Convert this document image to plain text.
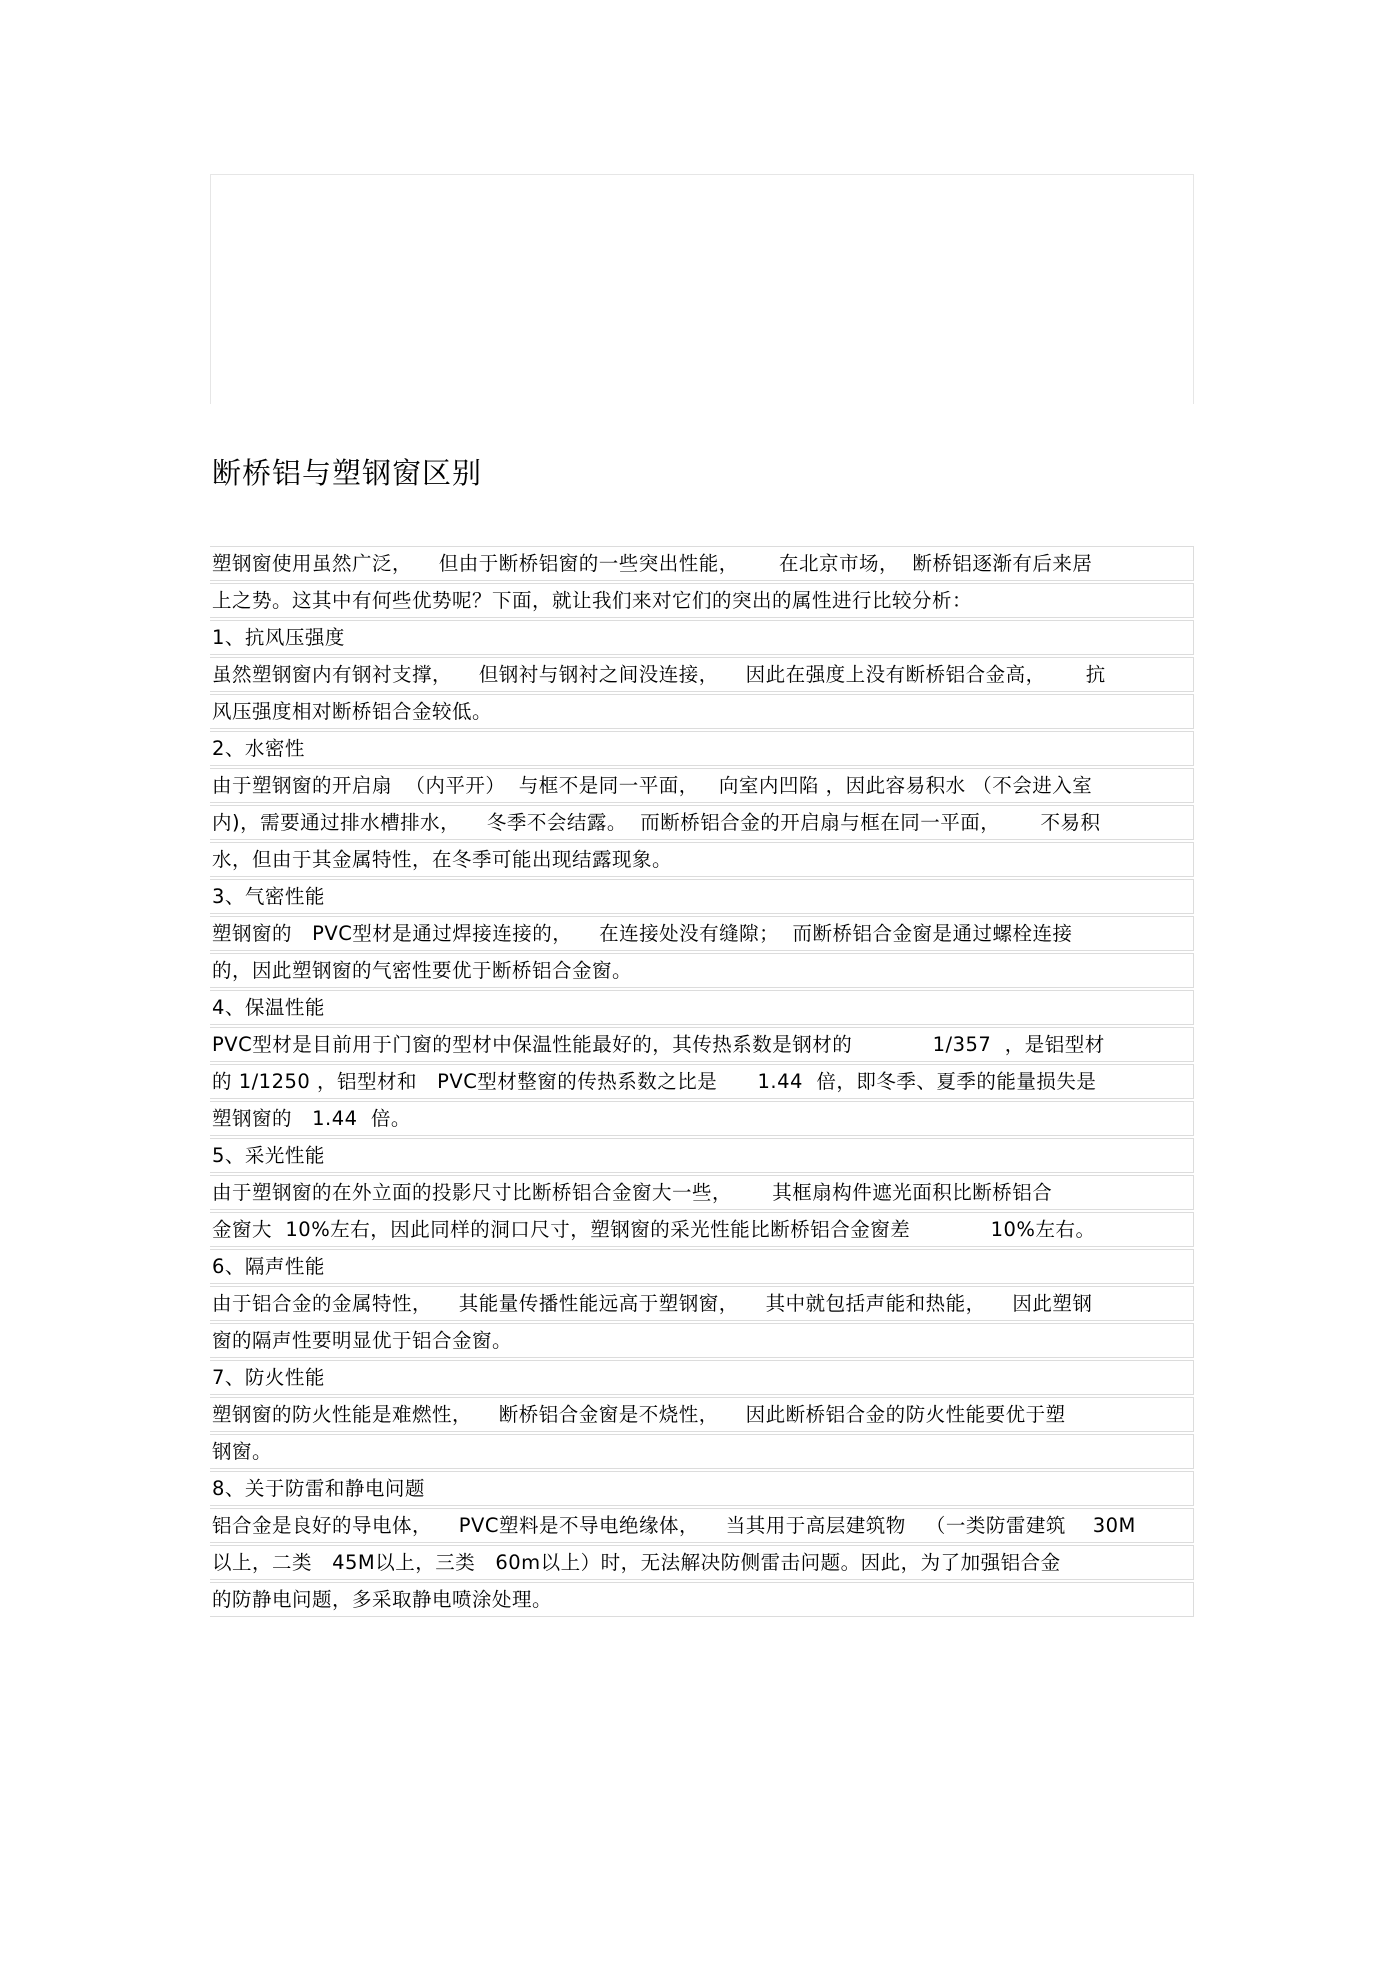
断桥铝与塑钢窗区别
塑钢窗使用虽然广泛，    但由于断桥铝窗的一些突出性能，      在北京市场，  断桥铝逐渐有后来居
上之势。这其中有何些优势呢？下面，就让我们来对它们的突出的属性进行比较分析：
1、抗风压强度
虽然塑钢窗内有钢衬支撑，    但钢衬与钢衬之间没连接，    因此在强度上没有断桥铝合金高，      抗
风压强度相对断桥铝合金较低。
2、水密性
由于塑钢窗的开启扇  （内平开）  与框不是同一平面，   向室内凹陷 ，因此容易积水 （不会进入室
内)，需要通过排水槽排水，    冬季不会结露。  而断桥铝合金的开启扇与框在同一平面，      不易积
水，但由于其金属特性，在冬季可能出现结露现象。
3、气密性能
塑钢窗的   PVC型材是通过焊接连接的，    在连接处没有缝隙；  而断桥铝合金窗是通过螺栓连接
的，因此塑钢窗的气密性要优于断桥铝合金窗。
4、保温性能
PVC型材是目前用于门窗的型材中保温性能最好的，其传热系数是钢材的            1/357  ，是铝型材
的 1/1250 ，铝型材和   PVC型材整窗的传热系数之比是      1.44  倍，即冬季、夏季的能量损失是
塑钢窗的   1.44  倍。
5、采光性能
由于塑钢窗的在外立面的投影尺寸比断桥铝合金窗大一些，      其框扇构件遮光面积比断桥铝合
金窗大  10%左右，因此同样的洞口尺寸，塑钢窗的采光性能比断桥铝合金窗差            10%左右。
6、隔声性能
由于铝合金的金属特性，    其能量传播性能远高于塑钢窗，    其中就包括声能和热能，    因此塑钢
窗的隔声性要明显优于铝合金窗。
7、防火性能
塑钢窗的防火性能是难燃性，    断桥铝合金窗是不烧性，    因此断桥铝合金的防火性能要优于塑
钢窗。
8、关于防雷和静电问题
铝合金是良好的导电体，    PVC塑料是不导电绝缘体，    当其用于高层建筑物   （一类防雷建筑    30M
以上，二类   45M以上，三类   60m以上）时，无法解决防侧雷击问题。因此，为了加强铝合金
的防静电问题，多采取静电喷涂处理。
